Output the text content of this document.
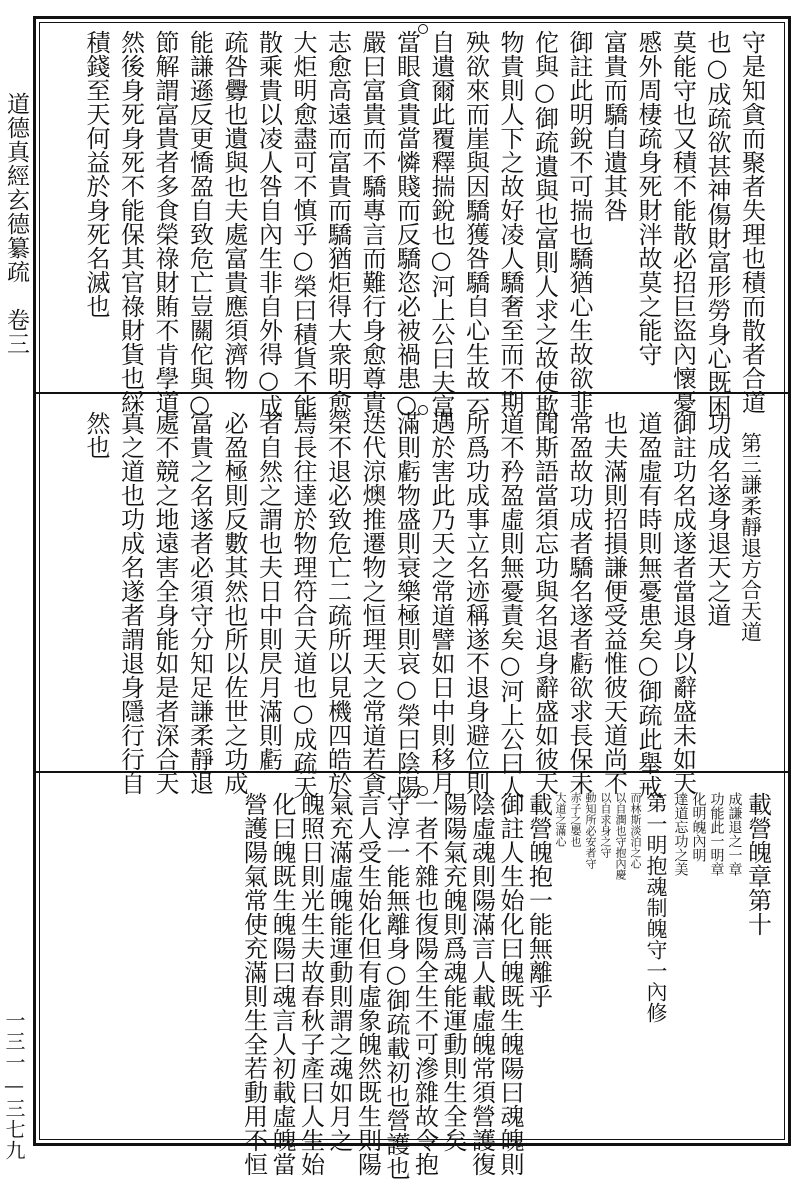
道德真經玄德纂疏　卷三
一三一—三七九
守是知貪而聚者失理也積而散者合道
也○成疏欲甚神傷財富形勞身心既困
莫能守也又積不能散必招巨盜內懷憂
慼外周棲疏身死財泮故莫之能守
富貴而驕自遺其咎
御註此明銳不可揣也驕猶心生故欲非
佗與○御疏遺與也富則人求之故使欺
物貴則人下之故好凌人驕奢至而不期
殃欲來而崖與因驕獲咎驕自心生故云
自遺爾此覆釋揣銳也○河上公曰夫富
當眼貪貴當憐賤而反驕恣必被禍患○
嚴曰富貴而不驕專言而難行身愈尊貴
志愈高遠而富貴而驕猶炬得大衆明愈
大炬明愈盡可不慎乎○榮曰積貨不能
散乘貴以凌人咎自內生非自外得○成
疏咎釁也遺與也夫處富貴應須濟物
能謙遜反更憍盈自致危亡豈關佗與○
節解謂富貴者多食榮祿財賄不肯學道
然後身死身死不能保其官祿財貨也綵
積錢至天何益於身死名滅也
　第三謙柔靜退方合天道
功成名遂身退天之道
御註功名成遂者當退身以辭盛未如天
道盈虛有時則無憂患矣○御疏此舉戒
也夫滿則招損謙便受益惟彼天道尚不
常盈故功成者驕名遂者虧欲求長保未
聞斯語當須忘功與名退身辭盛如彼天
道不矜盈虛則無憂責矣○河上公曰人
所爲功成事立名迹稱遂不退身避位則
遇於害此乃天之常道譬如日中則移月
滿則虧物盛則衰樂極則哀○榮曰陰陽
迭代涼燠推遷物之恒理天之常道若貪
榮不退必致危亡二疏所以見機四皓於
焉長往達於物理符合天道也○成疏天
者自然之謂也夫日中則昃月滿則虧
必盈極則反數其然也所以佐世之功成
富貴之名遂者必須守分知足謙柔靜退
處不競之地遠害全身能如是者深合天
真之道也功成名遂者謂退身隱行行自
然也
載營魄章第十
成謙退之一章
功能此一明章
化明魄內明
達道忘功之美
第一明抱魂制魄守一內修
而林斯淡泊之心
以自潤也守抱內慶
以自求身之守
動知所必安者守
赤子之嬰也
大道之滿心
載營魄抱一能無離乎
御註人生始化曰魄既生魄陽曰魂魄則
陰虛魂則陽滿言人載虛魄常須營護復
陽陽氣充魄則爲魂能運動則生全矣
一者不雜也復陽全生不可滲雜故令抱
守淳一能無離身○御疏載初也營護也
言人受生始化但有虛象魄然既生則陽
氣充滿虛魄能運動則謂之魂如月之
魄照日則光生夫故春秋子產曰人生始
化曰魄既生魄陽曰魂言人初載虛魄當
營護陽氣常使充滿則生全若動用不恒
